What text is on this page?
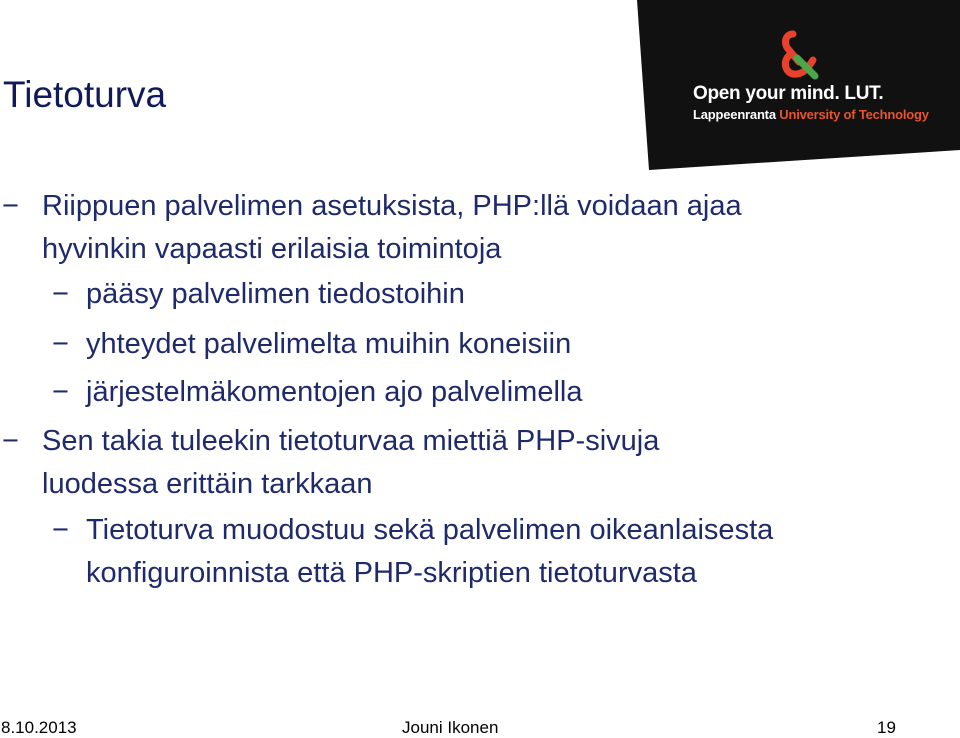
Open your mind. LUT.
Lappeenranta University of Technology
Tietoturva
− Riippuen palvelimen asetuksista, PHP:llä voidaan ajaa
hyvinkin vapaasti erilaisia toimintoja
− pääsy palvelimen tiedostoihin
− yhteydet palvelimelta muihin koneisiin
− järjestelmäkomentojen ajo palvelimella
− Sen takia tuleekin tietoturvaa miettiä PHP-sivuja
luodessa erittäin tarkkaan
− Tietoturva muodostuu sekä palvelimen oikeanlaisesta
konfiguroinnista että PHP-skriptien tietoturvasta
8.10.2013	Jouni Ikonen	19
